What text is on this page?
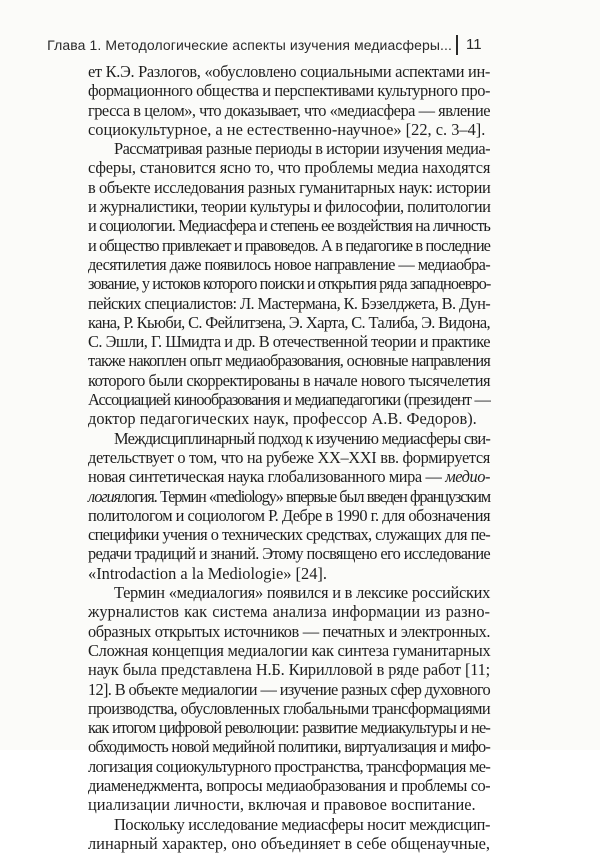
Глава 1. Методологические аспекты изучения медиасферы... 11
ет К.Э. Разлогов, «обусловлено социальными аспектами ин-
формационного общества и перспективами культурного про-
гресса в целом», что доказывает, что «медиасфера — явление
социокультурное, а не естественно-научное» [22, с. 3–4].
Рассматривая разные периоды в истории изучения медиа-
сферы, становится ясно то, что проблемы медиа находятся
в объекте исследования разных гуманитарных наук: истории
и журналистики, теории культуры и философии, политологии
и социологии. Медиасфера и степень ее воздействия на личность
и общество привлекает и правоведов. А в педагогике в последние
десятилетия даже появилось новое направление — медиаобра-
зование, у истоков которого поиски и открытия ряда западноевро-
пейских специалистов: Л. Мастермана, К. Бэзелджета, В. Дун-
кана, Р. Кьюби, С. Фейлитзена, Э. Харта, С. Талиба, Э. Видона,
С. Эшли, Г. Шмидта и др. В отечественной теории и практике
также накоплен опыт медиаобразования, основные направления
которого были скорректированы в начале нового тысячелетия
Ассоциацией кинообразования и медиапедагогики (президент —
доктор педагогических наук, профессор А.В. Федоров).
Междисциплинарный подход к изучению медиасферы сви-
детельствует о том, что на рубеже XX–XXI вв. формируется
новая синтетическая наука глобализованного мира — медио-
логиялогия. Термин «mediology» впервые был введен французским
политологом и социологом Р. Дебре в 1990 г. для обозначения
специфики учения о технических средствах, служащих для пе-
редачи традиций и знаний. Этому посвящено его исследование
«Introdaction a la Mediologie» [24].
Термин «медиалогия» появился и в лексике российских
журналистов как система анализа информации из разно-
образных открытых источников — печатных и электронных.
Сложная концепция медиалогии как синтеза гуманитарных
наук была представлена Н.Б. Кирилловой в ряде работ [11;
12]. В объекте медиалогии — изучение разных сфер духовного
производства, обусловленных глобальными трансформациями
как итогом цифровой революции: развитие медиакультуры и не-
обходимость новой медийной политики, виртуализация и мифо-
логизация социокультурного пространства, трансформация ме-
диаменеджмента, вопросы медиаобразования и проблемы со-
циализации личности, включая и правовое воспитание.
Поскольку исследование медиасферы носит междисцип-
линарный характер, оно объединяет в себе общенаучные,
